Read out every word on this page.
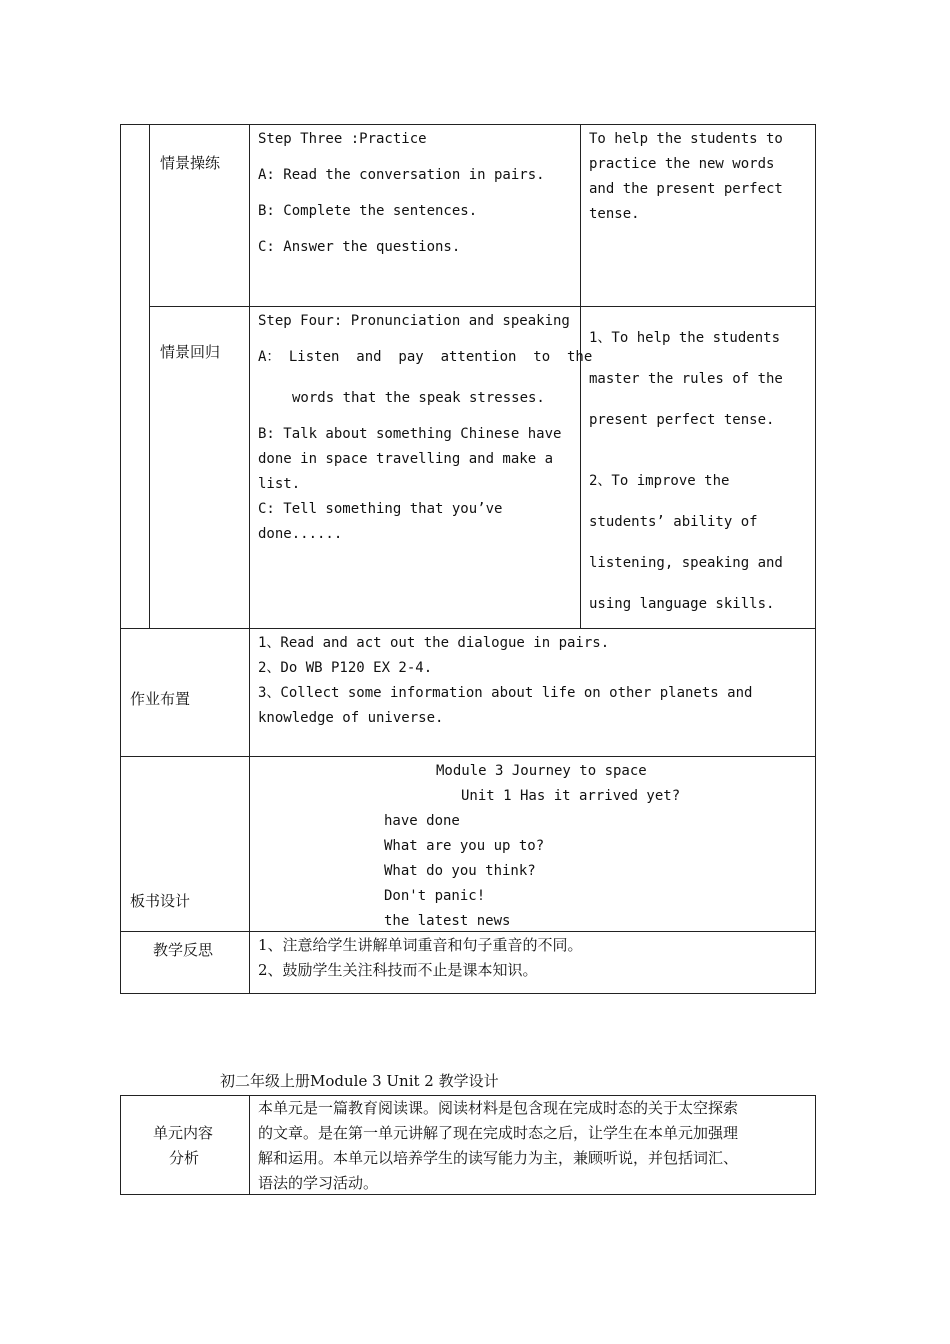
情景操练
Step Three :Practice
A: Read the conversation in pairs.
B: Complete the sentences.
C: Answer the questions.
To help the students to
practice the new words
and the present perfect
tense.
情景回归
Step Four: Pronunciation and speaking
A： Listen  and  pay  attention  to  the
words that the speak stresses.
B: Talk about something Chinese have
done in space travelling and make a
list.
C: Tell something that you’ve
done......
1、To help the students
master the rules of the
present perfect tense.
2、To improve the
students’ ability of
listening, speaking and
using language skills.
作业布置
1、Read and act out the dialogue in pairs.
2、Do WB P120 EX 2-4.
3、Collect some information about life on other planets and
knowledge of universe.
板书设计
Module 3 Journey to space
Unit 1 Has it arrived yet?
have done
What are you up to?
What do you think?
Don't panic!
the latest news
教学反思	1、注意给学生讲解单词重音和句子重音的不同。
2、鼓励学生关注科技而不止是课本知识。
初二年级上册Module 3 Unit 2 教学设计
单元内容
分析
本单元是一篇教育阅读课。阅读材料是包含现在完成时态的关于太空探索
的文章。是在第一单元讲解了现在完成时态之后，让学生在本单元加强理
解和运用。本单元以培养学生的读写能力为主，兼顾听说，并包括词汇、
语法的学习活动。
